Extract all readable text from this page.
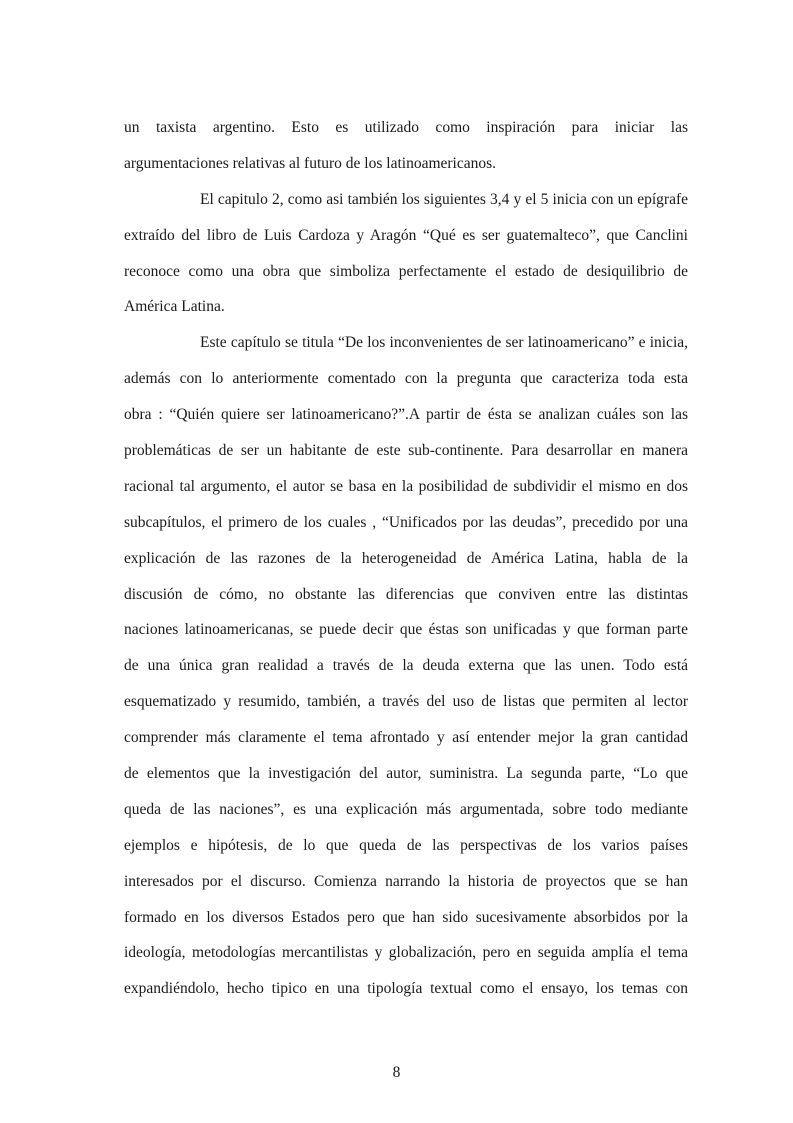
un taxista argentino. Esto es utilizado como inspiración para iniciar las
argumentaciones relativas al futuro de los latinoamericanos.
El capitulo 2, como asi también los siguientes 3,4 y el 5 inicia con un epígrafe
extraído del libro de Luis Cardoza y Aragón “Qué es ser guatemalteco”, que Canclini
reconoce como una obra que simboliza perfectamente el estado de desiquilibrio de
América Latina.
Este capítulo se titula “De los inconvenientes de ser latinoamericano” e inicia,
además con lo anteriormente comentado con la pregunta que caracteriza toda esta
obra : “Quién quiere ser latinoamericano?”.A partir de ésta se analizan cuáles son las
problemáticas de ser un habitante de este sub-continente. Para desarrollar en manera
racional tal argumento, el autor se basa en la posibilidad de subdividir el mismo en dos
subcapítulos, el primero de los cuales , “Unificados por las deudas”, precedido por una
explicación de las razones de la heterogeneidad de América Latina, habla de la
discusión de cómo, no obstante las diferencias que conviven entre las distintas
naciones latinoamericanas, se puede decir que éstas son unificadas y que forman parte
de una única gran realidad a través de la deuda externa que las unen. Todo está
esquematizado y resumido, también, a través del uso de listas que permiten al lector
comprender más claramente el tema afrontado y así entender mejor la gran cantidad
de elementos que la investigación del autor, suministra. La segunda parte, “Lo que
queda de las naciones”, es una explicación más argumentada, sobre todo mediante
ejemplos e hipótesis, de lo que queda de las perspectivas de los varios países
interesados por el discurso. Comienza narrando la historia de proyectos que se han
formado en los diversos Estados pero que han sido sucesivamente absorbidos por la
ideología, metodologías mercantilistas y globalización, pero en seguida amplía el tema
expandiéndolo, hecho tipico en una tipología textual como el ensayo, los temas con
8
